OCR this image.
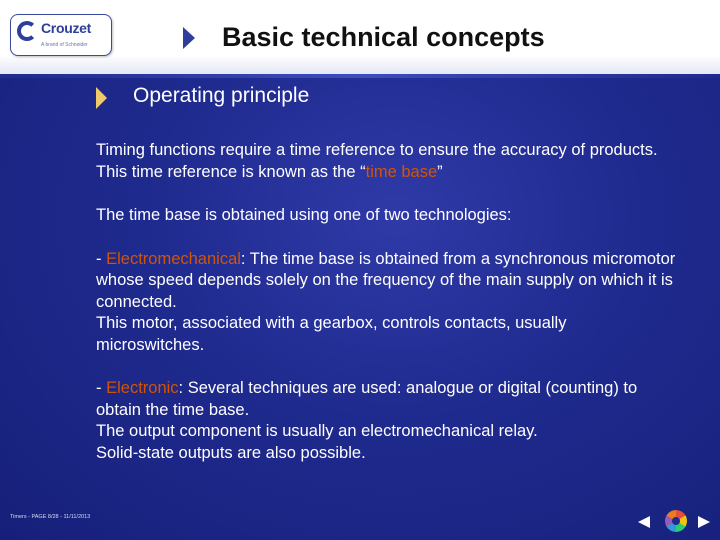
Crouzet
A brand of Schneider	Basic technical concepts
Operating principle

Timing functions require a time reference to ensure the accuracy of products.

This time reference is known as the “time base”

The time base is obtained using one of two technologies:

- Electromechanical: The time base is obtained from a synchronous micromotor whose speed depends solely on the frequency of the main supply on which it is connected.

This motor, associated with a gearbox, controls contacts, usually microswitches.

- Electronic: Several techniques are used: analogue or digital (counting) to obtain the time base.

The output component is usually an electromechanical relay.

Solid-state outputs are also possible.

Timers - PAGE 8/28 - 11/11/2013
